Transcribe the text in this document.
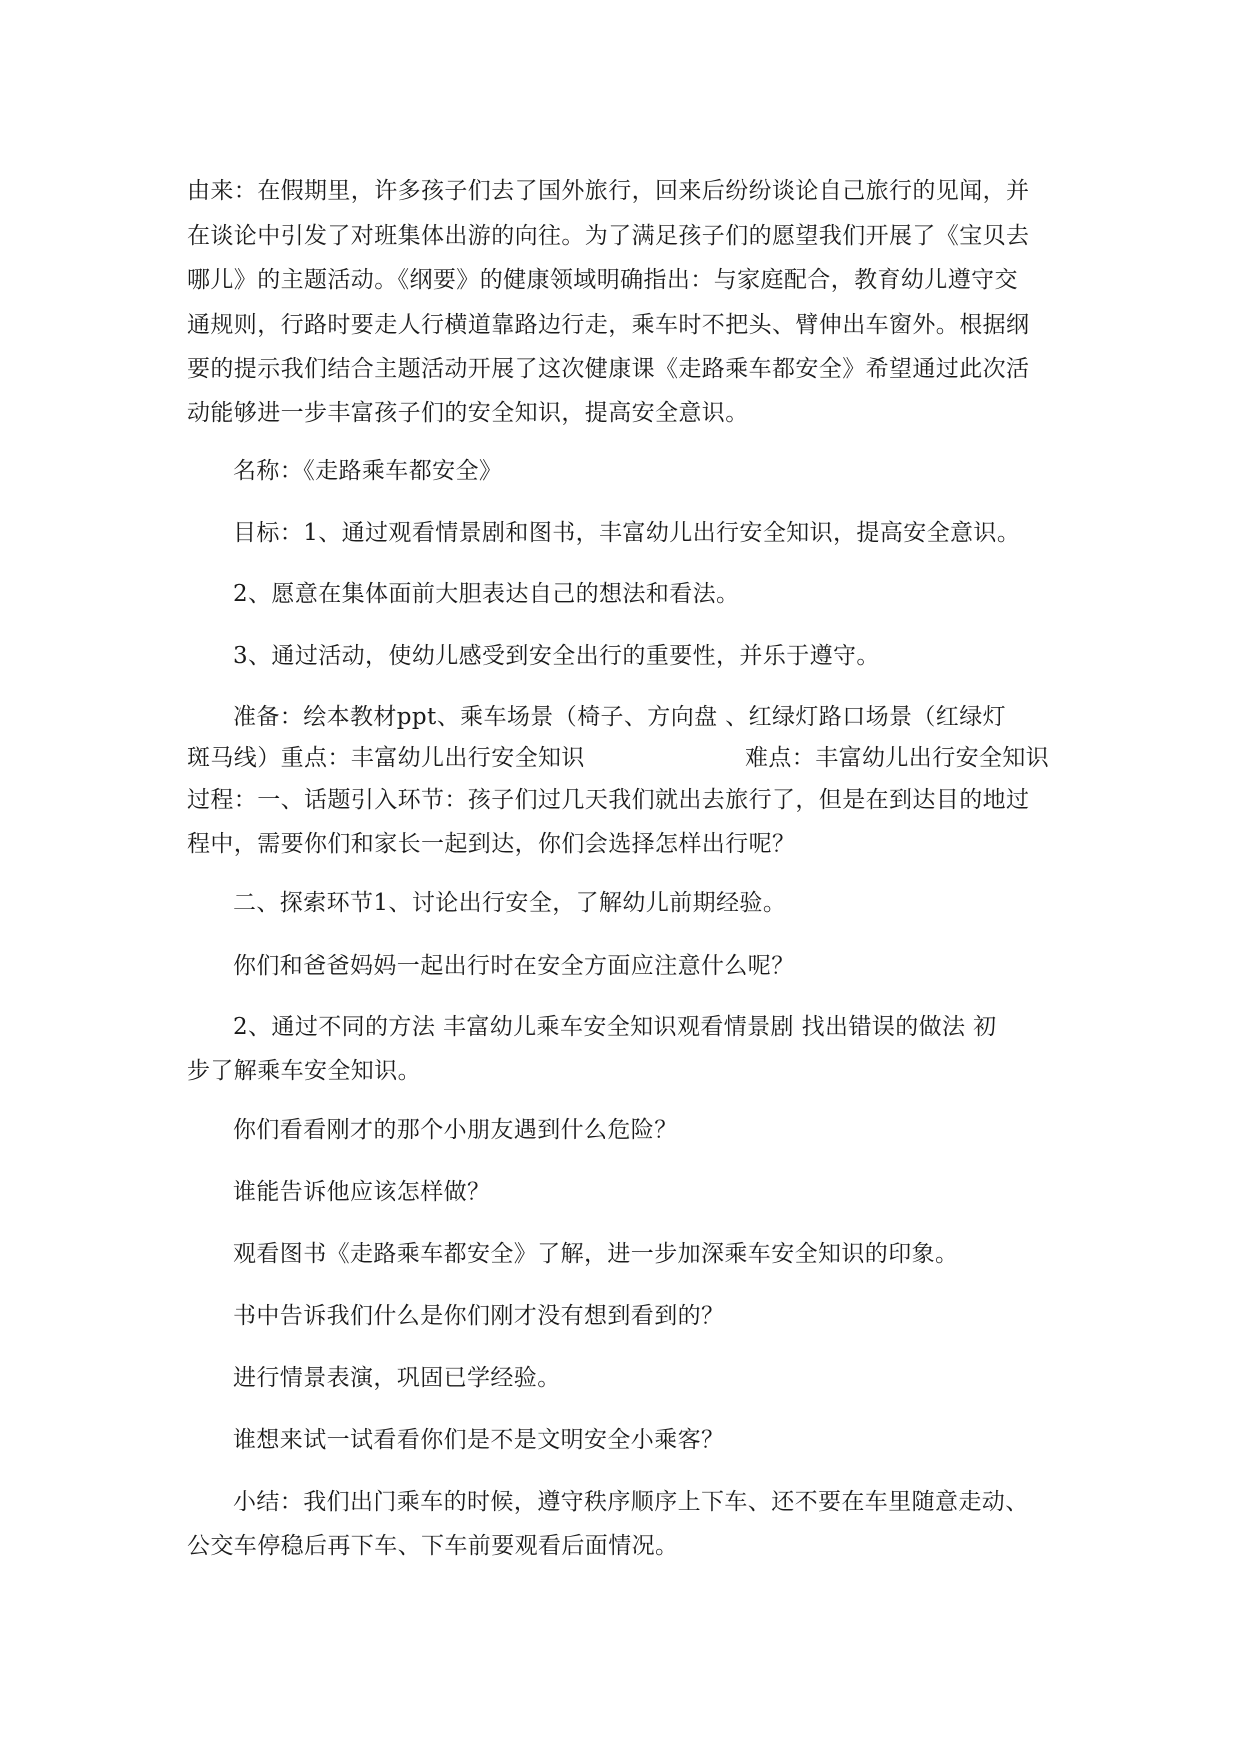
由来：在假期里，许多孩子们去了国外旅行，回来后纷纷谈论自己旅行的见闻，并
在谈论中引发了对班集体出游的向往。为了满足孩子们的愿望我们开展了《宝贝去
哪儿》的主题活动。《纲要》的健康领域明确指出：与家庭配合，教育幼儿遵守交
通规则，行路时要走人行横道靠路边行走，乘车时不把头、臂伸出车窗外。根据纲
要的提示我们结合主题活动开展了这次健康课《走路乘车都安全》希望通过此次活
动能够进一步丰富孩子们的安全知识，提高安全意识。
名称：《走路乘车都安全》
目标：1、通过观看情景剧和图书，丰富幼儿出行安全知识，提高安全意识。
2、愿意在集体面前大胆表达自己的想法和看法。
3、通过活动，使幼儿感受到安全出行的重要性，并乐于遵守。
准备：绘本教材ppt、乘车场景（椅子、方向盘 、红绿灯路口场景（红绿灯
斑马线）重点：丰富幼儿出行安全知识	难点：丰富幼儿出行安全知识
过程：一、话题引入环节：孩子们过几天我们就出去旅行了，但是在到达目的地过
程中，需要你们和家长一起到达，你们会选择怎样出行呢？
二、探索环节1、讨论出行安全，了解幼儿前期经验。
你们和爸爸妈妈一起出行时在安全方面应注意什么呢？
2、通过不同的方法 丰富幼儿乘车安全知识观看情景剧 找出错误的做法 初
步了解乘车安全知识。
你们看看刚才的那个小朋友遇到什么危险？
谁能告诉他应该怎样做？
观看图书《走路乘车都安全》了解，进一步加深乘车安全知识的印象。
书中告诉我们什么是你们刚才没有想到看到的？
进行情景表演，巩固已学经验。
谁想来试一试看看你们是不是文明安全小乘客？
小结：我们出门乘车的时候，遵守秩序顺序上下车、还不要在车里随意走动、
公交车停稳后再下车、下车前要观看后面情况。
